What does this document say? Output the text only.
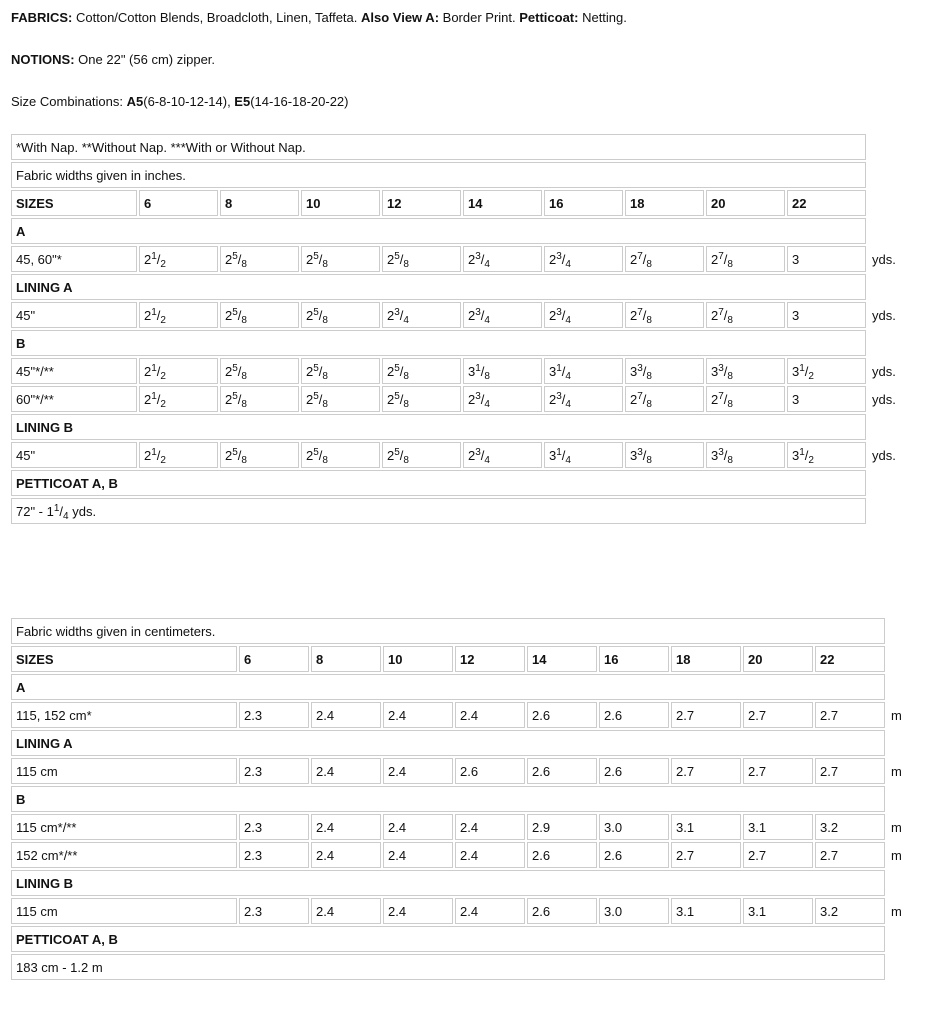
FABRICS: Cotton/Cotton Blends, Broadcloth, Linen, Taffeta. Also View A: Border Print. Petticoat: Netting.
NOTIONS: One 22" (56 cm) zipper.
Size Combinations: A5(6-8-10-12-14), E5(14-16-18-20-22)
*With Nap. **Without Nap. ***With or Without Nap.										
Fabric widths given in inches.										
SIZES	6	8	10	12	14	16	18	20	22	
A										
45, 60"*	$2^1/_2$	$2^5/_8$	$2^5/_8$	$2^5/_8$	$2^3/_4$	$2^3/_4$	$2^7/_8$	$2^7/_8$	3	yds.
LINING A										
45"	$2^1/_2$	$2^5/_8$	$2^5/_8$	$2^3/_4$	$2^3/_4$	$2^3/_4$	$2^7/_8$	$2^7/_8$	3	yds.
B										
45"*/**	$2^1/_2$	$2^5/_8$	$2^5/_8$	$2^5/_8$	$3^1/_8$	$3^1/_4$	$3^3/_8$	$3^3/_8$	$3^1/_2$	yds.
60"*/**	$2^1/_2$	$2^5/_8$	$2^5/_8$	$2^5/_8$	$2^3/_4$	$2^3/_4$	$2^7/_8$	$2^7/_8$	3	yds.
LINING B										
45"	$2^1/_2$	$2^5/_8$	$2^5/_8$	$2^5/_8$	$2^3/_4$	$3^1/_4$	$3^3/_8$	$3^3/_8$	$3^1/_2$	yds.
PETTICOAT A, B										
72" - $1^1/_4$ yds.										
Fabric widths given in centimeters.										
SIZES	6	8	10	12	14	16	18	20	22	
A										
115, 152 cm*	2.3	2.4	2.4	2.4	2.6	2.6	2.7	2.7	2.7	m
LINING A										
115 cm	2.3	2.4	2.4	2.6	2.6	2.6	2.7	2.7	2.7	m
B										
115 cm*/**	2.3	2.4	2.4	2.4	2.9	3.0	3.1	3.1	3.2	m
152 cm*/**	2.3	2.4	2.4	2.4	2.6	2.6	2.7	2.7	2.7	m
LINING B										
115 cm	2.3	2.4	2.4	2.4	2.6	3.0	3.1	3.1	3.2	m
PETTICOAT A, B										
183 cm - 1.2 m										
